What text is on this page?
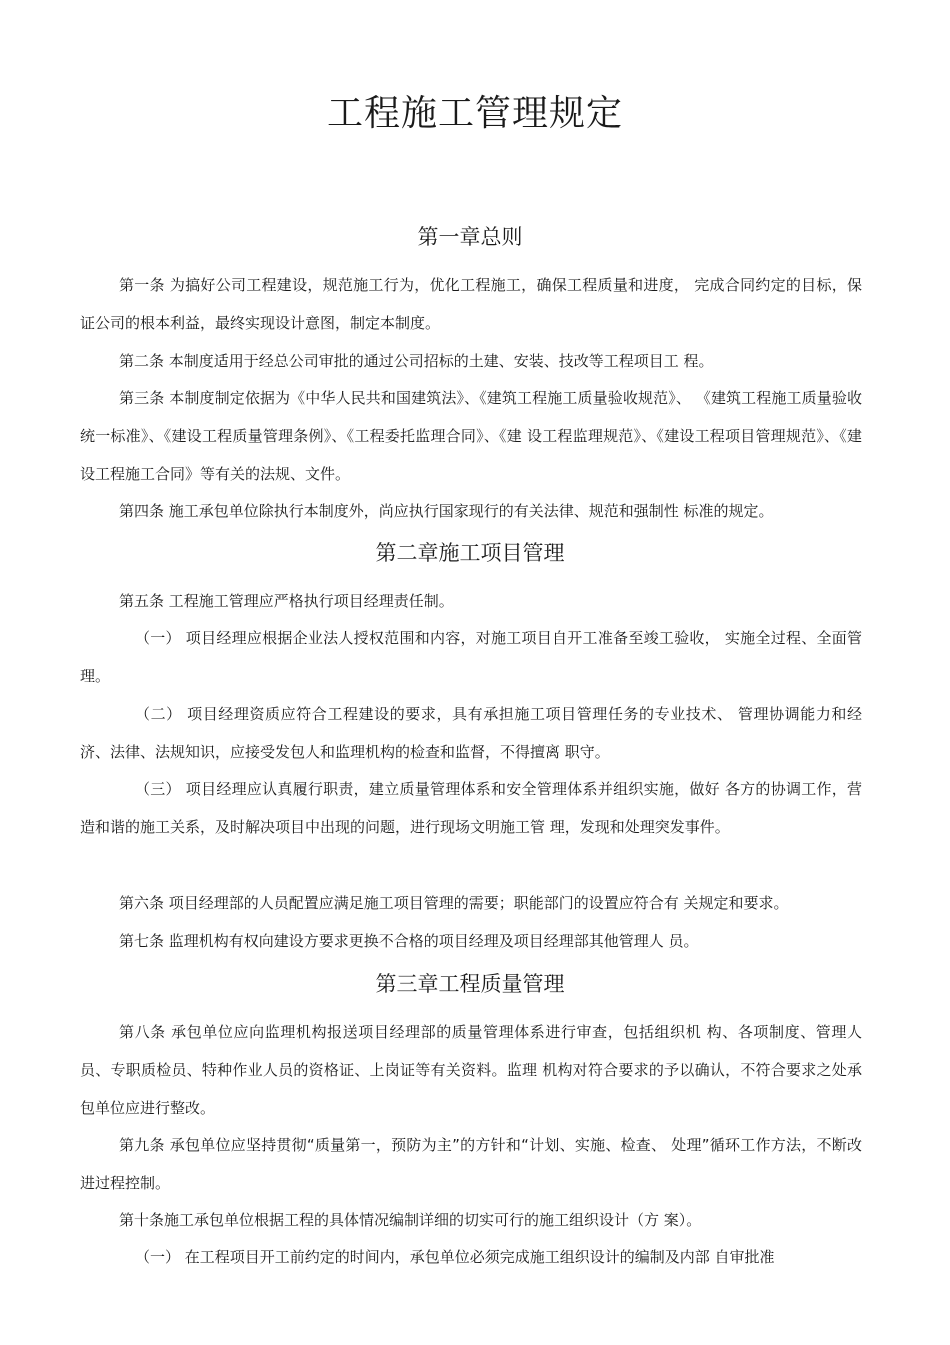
工程施工管理规定
第一章总则

第一条 为搞好公司工程建设，规范施工行为，优化工程施工，确保工程质量和进度， 完成合同约定的目标，保证公司的根本利益，最终实现设计意图，制定本制度。

第二条 本制度适用于经总公司审批的通过公司招标的土建、安装、技改等工程项目工 程。

第三条 本制度制定依据为《中华人民共和国建筑法》、《建筑工程施工质量验收规范》、 《建筑工程施工质量验收统一标准》、《建设工程质量管理条例》、《工程委托监理合同》、《建 设工程监理规范》、《建设工程项目管理规范》、《建设工程施工合同》等有关的法规、文件。

第四条 施工承包单位除执行本制度外，尚应执行国家现行的有关法律、规范和强制性 标准的规定。

第二章施工项目管理

第五条 工程施工管理应严格执行项目经理责任制。

（一） 项目经理应根据企业法人授权范围和内容，对施工项目自开工准备至竣工验收， 实施全过程、全面管理。

（二） 项目经理资质应符合工程建设的要求，具有承担施工项目管理任务的专业技术、 管理协调能力和经济、法律、法规知识，应接受发包人和监理机构的检查和监督，不得擅离 职守。

（三） 项目经理应认真履行职责，建立质量管理体系和安全管理体系并组织实施，做好 各方的协调工作，营造和谐的施工关系，及时解决项目中出现的问题，进行现场文明施工管 理，发现和处理突发事件。

第六条 项目经理部的人员配置应满足施工项目管理的需要；职能部门的设置应符合有 关规定和要求。

第七条 监理机构有权向建设方要求更换不合格的项目经理及项目经理部其他管理人 员。

第三章工程质量管理

第八条 承包单位应向监理机构报送项目经理部的质量管理体系进行审查，包括组织机 构、各项制度、管理人员、专职质检员、特种作业人员的资格证、上岗证等有关资料。监理 机构对符合要求的予以确认，不符合要求之处承包单位应进行整改。

第九条 承包单位应坚持贯彻“质量第一，预防为主”的方针和“计划、实施、检查、 处理”循环工作方法，不断改进过程控制。

第十条施工承包单位根据工程的具体情况编制详细的切实可行的施工组织设计（方 案）。

（一） 在工程项目开工前约定的时间内，承包单位必须完成施工组织设计的编制及内部 自审批准
